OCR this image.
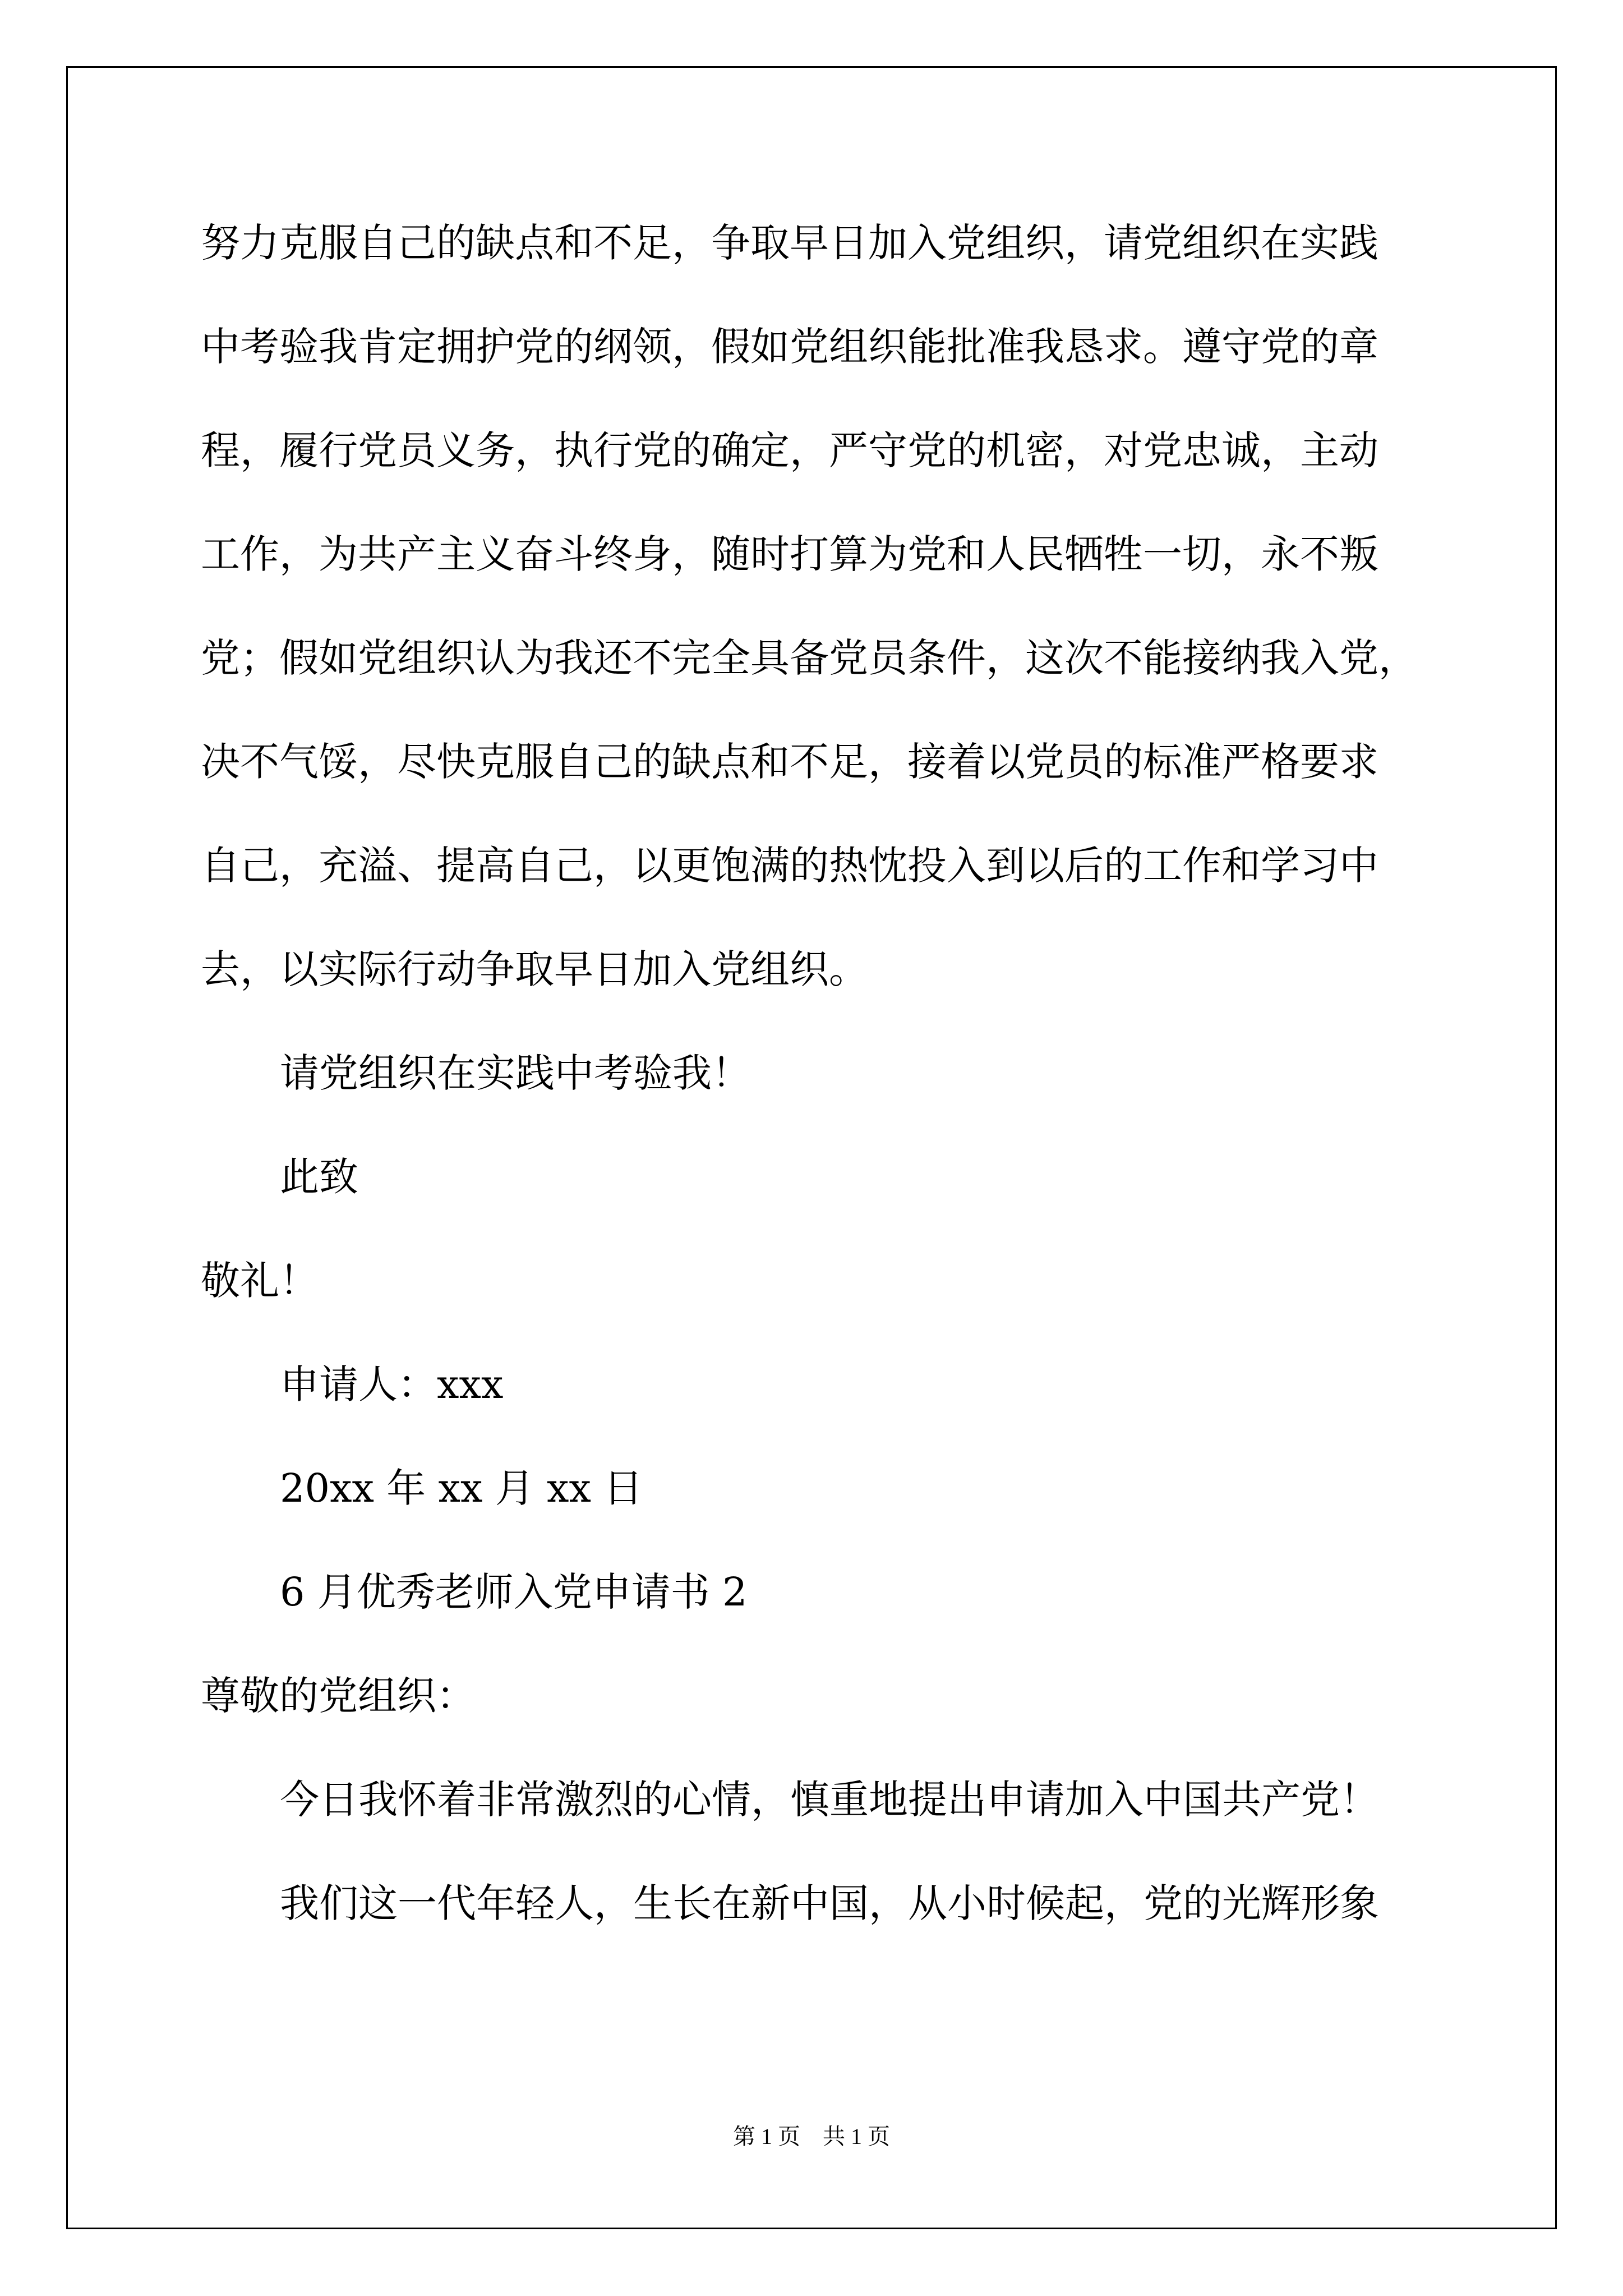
努力克服自己的缺点和不足，争取早日加入党组织，请党组织在实践
中考验我肯定拥护党的纲领，假如党组织能批准我恳求。遵守党的章
程，履行党员义务，执行党的确定，严守党的机密，对党忠诚，主动
工作，为共产主义奋斗终身，随时打算为党和人民牺牲一切，永不叛
党；假如党组织认为我还不完全具备党员条件，这次不能接纳我入党，
决不气馁，尽快克服自己的缺点和不足，接着以党员的标准严格要求
自己，充溢、提高自己，以更饱满的热忱投入到以后的工作和学习中
去，以实际行动争取早日加入党组织。
请党组织在实践中考验我！
此致
敬礼！
申请人：xxx
20xx 年 xx 月 xx 日
6 月优秀老师入党申请书 2
尊敬的党组织：
今日我怀着非常激烈的心情，慎重地提出申请加入中国共产党！
我们这一代年轻人，生长在新中国，从小时候起，党的光辉形象
第 1 页 共 1 页
